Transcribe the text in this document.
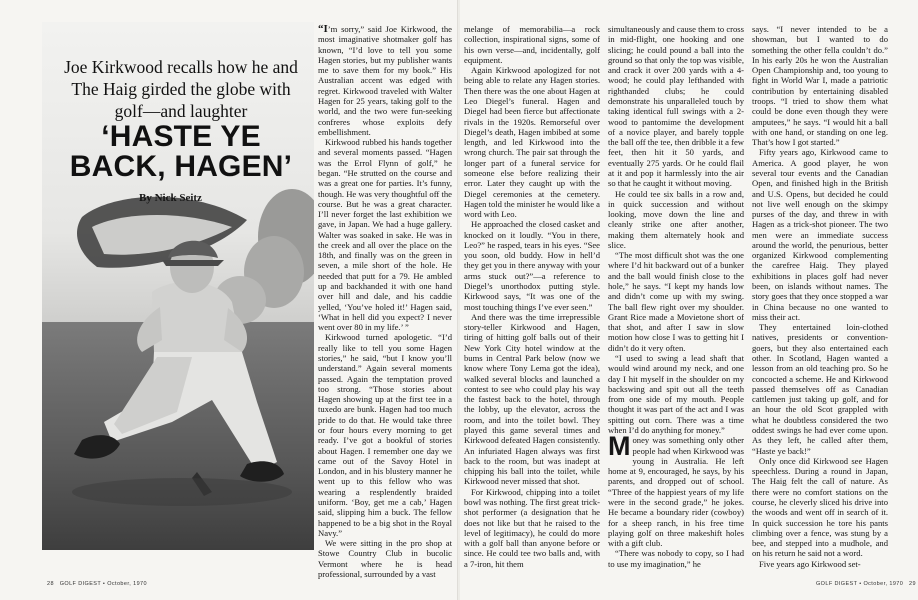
Joe Kirkwood recalls how he and The Haig girded the globe with golf—and laughter
‘HASTE YE BACK, HAGEN’
By Nick Seitz

“I’m sorry,” said Joe Kirkwood, the most imaginative shotmaker golf has known, “I’d love to tell you some Hagen stories, but my publisher wants me to save them for my book.” His Australian accent was edged with regret. Kirkwood traveled with Walter Hagen for 25 years, taking golf to the world, and the two were fun-seeking confreres whose exploits defy embellishment.

Kirkwood rubbed his hands together and several moments passed. “Hagen was the Errol Flynn of golf,” he began. “He strutted on the course and was a great one for parties. It’s funny, though. He was very thoughtful off the course. But he was a great character. I’ll never forget the last exhibition we gave, in Japan. We had a huge gallery. Walter was soaked in sake. He was in the creek and all over the place on the 18th, and finally was on the green in seven, a mile short of the hole. He needed that putt for a 79. He ambled up and backhanded it with one hand over hill and dale, and his caddie yelled, ‘You’ve holed it!’ Hagen said, ‘What in hell did you expect? I never went over 80 in my life.’ ”

Kirkwood turned apologetic. “I’d really like to tell you some Hagen stories,” he said, “but I know you’ll understand.” Again several moments passed. Again the temptation proved too strong. “Those stories about Hagen showing up at the first tee in a tuxedo are bunk. Hagen had too much pride to do that. He would take three or four hours every morning to get ready. I’ve got a bookful of stories about Hagen. I remember one day we came out of the Savoy Hotel in London, and in his blustery manner he went up to this fellow who was wearing a resplendently braided uniform. ‘Boy, get me a cab,’ Hagen said, slipping him a buck. The fellow happened to be a big shot in the Royal Navy.”

We were sitting in the pro shop at Stowe Country Club in bucolic Vermont where he is head professional, surrounded by a vast

28 GOLF DIGEST • October, 1970

melange of memorabilia—a rock collection, inspirational signs, some of his own verse—and, incidentally, golf equipment.

Again Kirkwood apologized for not being able to relate any Hagen stories. Then there was the one about Hagen at Leo Diegel’s funeral. Hagen and Diegel had been fierce but affectionate rivals in the 1920s. Remorseful over Diegel’s death, Hagen imbibed at some length, and led Kirkwood into the wrong church. The pair sat through the longer part of a funeral service for someone else before realizing their error. Later they caught up with the Diegel ceremonies at the cemetery. Hagen told the minister he would like a word with Leo.

He approached the closed casket and knocked on it loudly. “You in there, Leo?” he rasped, tears in his eyes. “See you soon, old buddy. How in hell’d they get you in there anyway with your arms stuck out?”—a reference to Diegel’s unorthodox putting style. Kirkwood says, “It was one of the most touching things I’ve ever seen.”

And there was the time irrepressible story-teller Kirkwood and Hagen, tiring of hitting golf balls out of their New York City hotel window at the bums in Central Park below (now we know where Tony Lema got the idea), walked several blocks and launched a contest to see who could play his way the fastest back to the hotel, through the lobby, up the elevator, across the room, and into the toilet bowl. They played this game several times and Kirkwood defeated Hagen consistently. An infuriated Hagen always was first back to the room, but was inadept at chipping his ball into the toilet, while Kirkwood never missed that shot.

For Kirkwood, chipping into a toilet bowl was nothing. The first great trick-shot performer (a designation that he does not like but that he raised to the level of legitimacy), he could do more with a golf ball than anyone before or since. He could tee two balls and, with a 7-iron, hit them

simultaneously and cause them to cross in mid-flight, one hooking and one slicing; he could pound a ball into the ground so that only the top was visible, and crack it over 200 yards with a 4-wood; he could play lefthanded with righthanded clubs; he could demonstrate his unparalleled touch by taking identical full swings with a 2-wood to pantomime the development of a novice player, and barely topple the ball off the tee, then dribble it a few feet, then hit it 50 yards, and eventually 275 yards. Or he could flail at it and pop it harmlessly into the air so that he caught it without moving.

He could tee six balls in a row and, in quick succession and without looking, move down the line and cleanly strike one after another, making them alternately hook and slice.

“The most difficult shot was the one where I’d hit backward out of a bunker and the ball would finish close to the hole,” he says. “I kept my hands low and didn’t come up with my swing. The ball flew right over my shoulder. Grant Rice made a Movietone short of that shot, and after I saw in slow motion how close I was to getting hit I didn’t do it very often.

“I used to swing a lead shaft that would wind around my neck, and one day I hit myself in the shoulder on my backswing and spit out all the teeth from one side of my mouth. People thought it was part of the act and I was spitting out corn. There was a time when I’d do anything for money.”

Money was something only other people had when Kirkwood was young in Australia. He left home at 9, encouraged, he says, by his parents, and dropped out of school. “Three of the happiest years of my life were in the second grade,” he jokes. He became a boundary rider (cowboy) for a sheep ranch, in his free time playing golf on three makeshift holes with a gift club.

“There was nobody to copy, so I had to use my imagination,” he

says. “I never intended to be a showman, but I wanted to do something the other fella couldn’t do.” In his early 20s he won the Australian Open Championship and, too young to fight in World War I, made a patriotic contribution by entertaining disabled troops. “I tried to show them what could be done even though they were amputees,” he says. “I would hit a ball with one hand, or standing on one leg. That’s how I got started.”

Fifty years ago, Kirkwood came to America. A good player, he won several tour events and the Canadian Open, and finished high in the British and U.S. Opens, but decided he could not live well enough on the skimpy purses of the day, and threw in with Hagen as a trick-shot pioneer. The two men were an immediate success around the world, the penurious, better organized Kirkwood complementing the carefree Haig. They played exhibitions in places golf had never been, on islands without names. The story goes that they once stopped a war in China because no one wanted to miss their act.

They entertained loin-clothed natives, presidents or convention-goers, but they also entertained each other. In Scotland, Hagen wanted a lesson from an old teaching pro. So he concocted a scheme. He and Kirkwood passed themselves off as Canadian cattlemen just taking up golf, and for an hour the old Scot grappled with what he doubtless considered the two oddest swings he had ever come upon. As they left, he called after them, “Haste ye back!”

Only once did Kirkwood see Hagen speechless. During a round in Japan, The Haig felt the call of nature. As there were no comfort stations on the course, he cleverly sliced his drive into the woods and went off in search of it. In quick succession he tore his pants climbing over a fence, was stung by a bee, and stepped into a mudhole, and on his return he said not a word.

Five years ago Kirkwood set-

GOLF DIGEST • October, 1970 29
